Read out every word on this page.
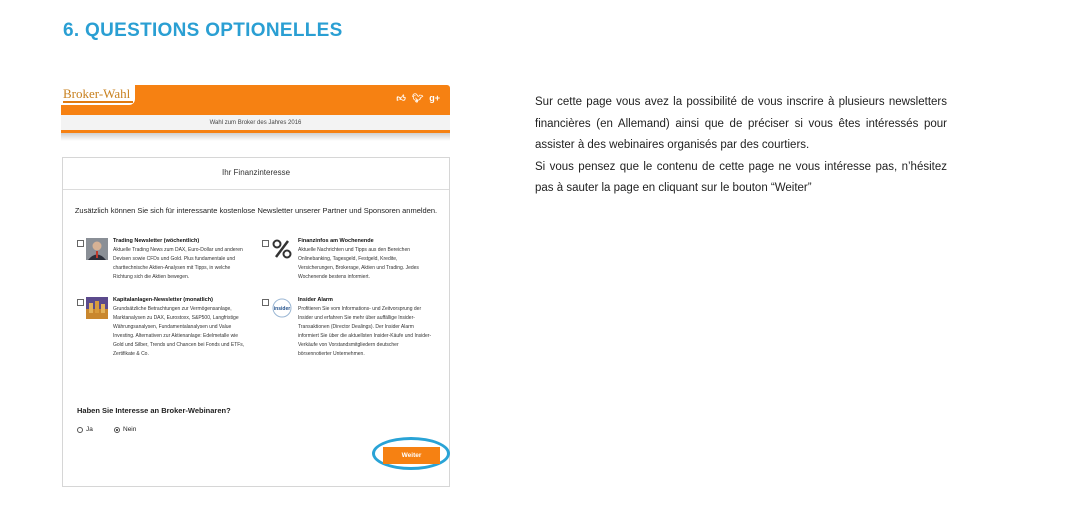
6. QUESTIONS OPTIONELLES

Sur cette page vous avez la possibilité de vous inscrire à plusieurs newsletters financières (en Allemand) ainsi que de préciser si vous êtes intéressés pour assister à des webinaires organisés par des courtiers.

Si vous pensez que le contenu de cette page ne vous intéresse pas, n’hésitez pas à sauter la page en cliquant sur le bouton “Weiter”

Broker-Wahl	👍︎ 🐦︎ g+
Wahl zum Broker des Jahres 2016
Ihr Finanzinteresse
Zusätzlich können Sie sich für interessante kostenlose Newsletter unserer Partner und Sponsoren anmelden.
Trading Newsletter (wöchentlich)
Aktuelle Trading News zum DAX, Euro-Dollar und anderen Devisen sowie CFDs und Gold. Plus fundamentale und charttechnische Aktien-Analysen mit Tipps, in welche Richtung sich die Aktien bewegen.
Finanzinfos am Wochenende
Aktuelle Nachrichten und Tipps aus den Bereichen Onlinebanking, Tagesgeld, Festgeld, Kredite, Versicherungen, Brokerage, Aktien und Trading. Jedes Wochenende bestens informiert.
Kapitalanlagen-Newsletter (monatlich)
Grundsätzliche Betrachtungen zur Vermögensanlage, Marktanalysen zu DAX, Eurostoxx, S&P500, Langfristige Währungsanalysen, Fundamentalanalysen und Value Investing. Alternativen zur Aktienanlage: Edelmetalle wie Gold und Silber, Trends und Chancen bei Fonds und ETFs, Zertifikate & Co.
insider
Insider Alarm
Profitieren Sie vom Informations- und Zeitvorsprung der Insider und erfahren Sie mehr über auffällige Insider-Transaktionen (Director Dealings). Der Insider Alarm informiert Sie über die aktuellsten Insider-Käufe und Insider-Verkäufe von Vorstandsmitgliedern deutscher börsennotierter Unternehmen.
Haben Sie Interesse an Broker-Webinaren?
Ja	Nein
Weiter
